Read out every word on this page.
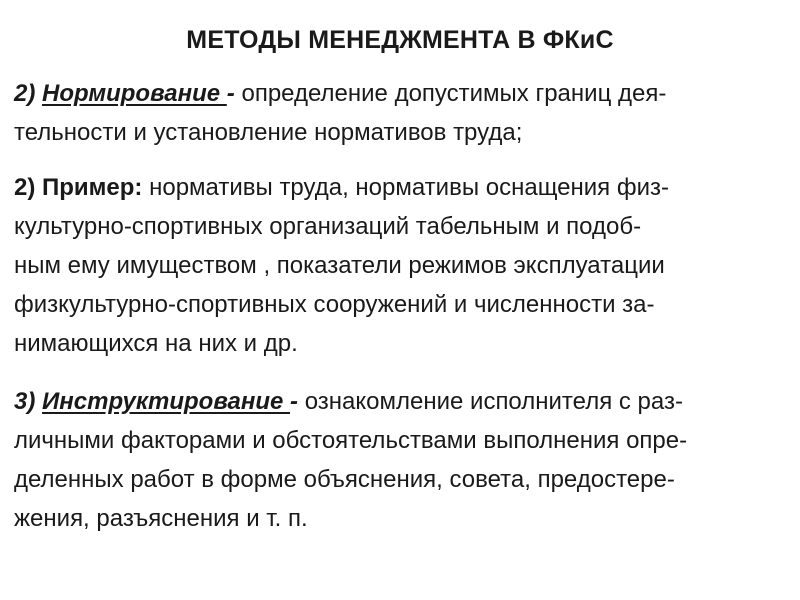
МЕТОДЫ МЕНЕДЖМЕНТА В ФКиС
2) Нормирование - определение допустимых границ дея-
тельности и установление нормативов труда;
2) Пример: нормативы труда, нормативы оснащения физ-
культурно-спортивных организаций табельным и подоб-
ным ему имуществом , показатели режимов эксплуатации
физкультурно-спортивных сооружений и численности за-
нимающихся на них и др.
3) Инструктирование - ознакомление исполнителя с раз-
личными факторами и обстоятельствами выполнения опре-
деленных работ в форме объяснения, совета, предостере-
жения, разъяснения и т. п.
